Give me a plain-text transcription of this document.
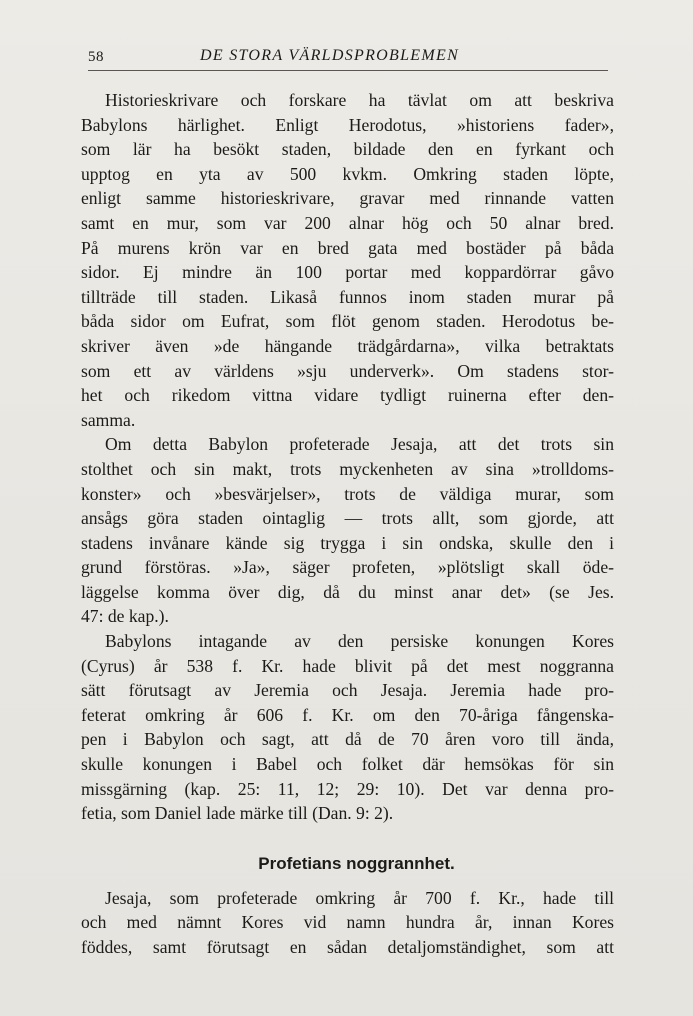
58	DE STORA VÄRLDSPROBLEMEN
Historieskrivare och forskare ha tävlat om att beskriva
Babylons härlighet. Enligt Herodotus, »historiens fader»,
som lär ha besökt staden, bildade den en fyrkant och
upptog en yta av 500 kvkm. Omkring staden löpte,
enligt samme historieskrivare, gravar med rinnande vatten
samt en mur, som var 200 alnar hög och 50 alnar bred.
På murens krön var en bred gata med bostäder på båda
sidor. Ej mindre än 100 portar med koppardörrar gåvo
tillträde till staden. Likaså funnos inom staden murar på
båda sidor om Eufrat, som flöt genom staden. Herodotus be-
skriver även »de hängande trädgårdarna», vilka betraktats
som ett av världens »sju underverk». Om stadens stor-
het och rikedom vittna vidare tydligt ruinerna efter den-
samma.
Om detta Babylon profeterade Jesaja, att det trots sin
stolthet och sin makt, trots myckenheten av sina »trolldoms-
konster» och »besvärjelser», trots de väldiga murar, som
ansågs göra staden ointaglig — trots allt, som gjorde, att
stadens invånare kände sig trygga i sin ondska, skulle den i
grund förstöras. »Ja», säger profeten, »plötsligt skall öde-
läggelse komma över dig, då du minst anar det» (se Jes.
47: de kap.).
Babylons intagande av den persiske konungen Kores
(Cyrus) år 538 f. Kr. hade blivit på det mest noggranna
sätt förutsagt av Jeremia och Jesaja. Jeremia hade pro-
feterat omkring år 606 f. Kr. om den 70-åriga fångenska-
pen i Babylon och sagt, att då de 70 åren voro till ända,
skulle konungen i Babel och folket där hemsökas för sin
missgärning (kap. 25: 11, 12; 29: 10). Det var denna pro-
fetia, som Daniel lade märke till (Dan. 9: 2).
Profetians noggrannhet.
Jesaja, som profeterade omkring år 700 f. Kr., hade till
och med nämnt Kores vid namn hundra år, innan Kores
föddes, samt förutsagt en sådan detaljomständighet, som att
